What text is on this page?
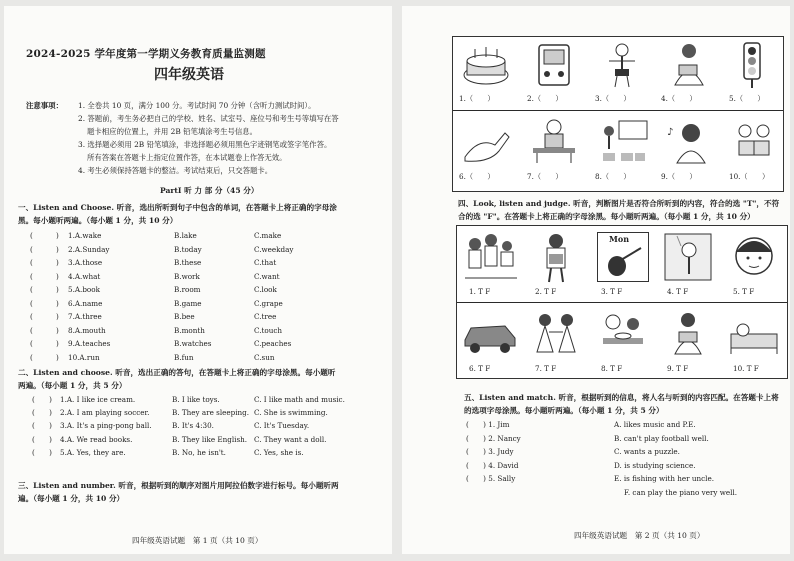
2024-2025 学年度第一学期义务教育质量监测题
四年级英语
注意事项： 1. 全卷共 10 页，满分 100 分。考试时间 70 分钟（含听力测试时间）。
2. 答题前，考生务必把自己的学校、姓名、试室号、座位号和考生号等填写在答
题卡相应的位置上，并用 2B 铅笔填涂考生号信息。
3. 选择题必须用 2B 铅笔填涂，非选择题必须用黑色字迹钢笔或签字笔作答。
所有答案在答题卡上指定位置作答，在本试题卷上作答无效。
4. 考生必须保持答题卡的整洁。考试结束后，只交答题卡。
PartⅠ 听 力 部 分（45 分）
一、Listen and Choose. 听音，选出所听到句子中包含的单词，在答题卡上将正确的字母涂
黑。每小题听两遍。（每小题 1 分，共 10 分）
(	) 1.A.wake	B.lake	C.make
(	) 2.A.Sunday	B.today	C.weekday
(	) 3.A.those	B.these	C.that
(	) 4.A.what	B.work	C.want
(	) 5.A.book	B.room	C.look
(	) 6.A.name	B.game	C.grape
(	) 7.A.three	B.bee	C.tree
(	) 8.A.mouth	B.month	C.touch
(	) 9.A.teaches	B.watches	C.peaches
(	) 10.A.run	B.fun	C.sun
二、Listen and choose. 听音，选出正确的答句，在答题卡上将正确的字母涂黑。每小题听
两遍。（每小题 1 分，共 5 分）
(　　) 1.A. I like ice cream.	B. I like toys.	C. I like math and music.
(　　) 2.A. I am playing soccer.	B. They are sleeping. C. She is swimming.
(　　) 3.A. It's a ping-pong ball.	B. It's 4:30.	C. It's Tuesday.
(　　) 4.A. We read books.	B. They like English. C. They want a doll.
(　　) 5.A. Yes, they are.	B. No, he isn't.	C. Yes, she is.
三、Listen and number. 听音，根据听到的顺序对图片用阿拉伯数字进行标号。每小题听两
遍。（每小题 1 分，共 10 分）
四年级英语试题　第 1 页（共 10 页）
1.（　　）	2.（　　）	3.（　　）	4.（　　）	5.（　　）
♪
6.（　　）	7.（　　）	8.（　　）	9.（　　）	10.（　　）
四、Look, listen and judge. 听音，判断图片是否符合所听到的内容，符合的选 "T"，不符
合的选 "F"。在答题卡上将正确的字母涂黑。每小题听两遍。（每小题 1 分，共 10 分）
Mon
1. T F	2. T F	3. T F	4. T F	5. T F
6. T F	7. T F	8. T F	9. T F	10. T F
五、Listen and match. 听音，根据听到的信息，将人名与听到的内容匹配。在答题卡上将
的选项字母涂黑。每小题听两遍。（每小题 1 分，共 5 分）
(　　) 1. Jim
(　　) 2. Nancy
(　　) 3. Judy
(　　) 4. David
(　　) 5. Sally
A. likes music and P.E.
B. can't play football well.
C. wants a puzzle.
D. is studying science.
E. is fishing with her uncle.
F. can play the piano very well.
四年级英语试题　第 2 页（共 10 页）
